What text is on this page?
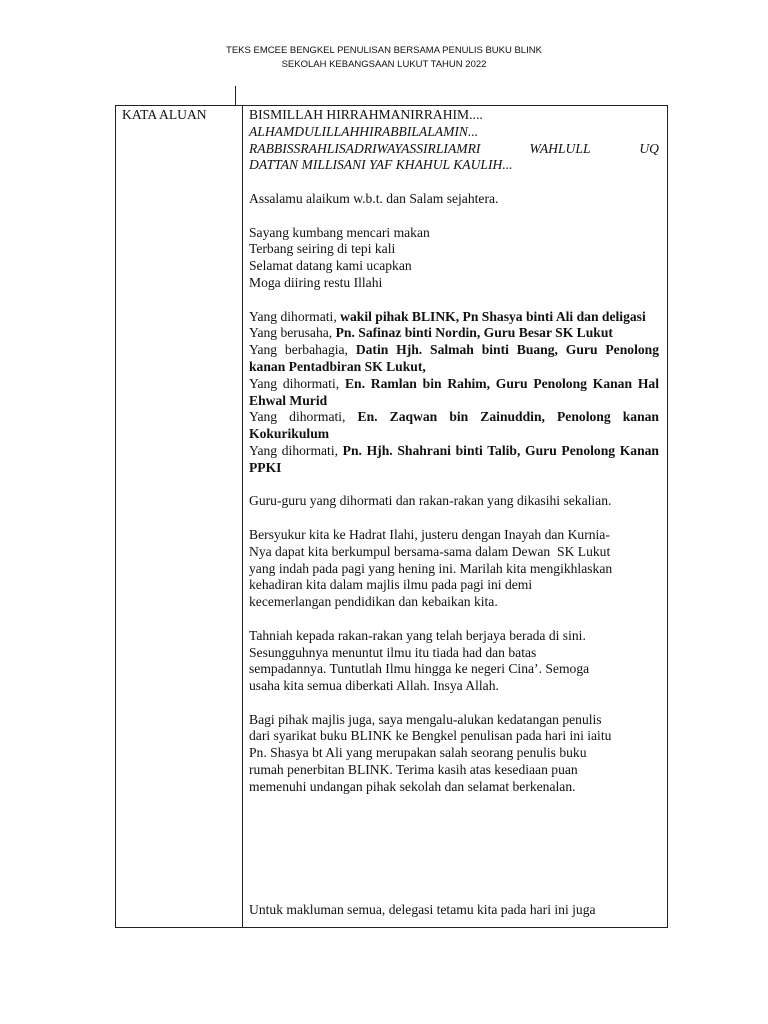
TEKS EMCEE BENGKEL PENULISAN BERSAMA PENULIS BUKU BLINK
SEKOLAH KEBANGSAAN LUKUT TAHUN 2022
KATA ALUAN	BISMILLAH HIRRAHMANIRRAHIM....
ALHAMDULILLAHHIRABBILALAMIN...
RABBISSRAHLISADRIWAYASSIRLIAMRI     WAHLULL     UQ
DATTAN MILLISANI YAF KHAHUL KAULIH...
Assalamu alaikum w.b.t. dan Salam sejahtera.
Sayang kumbang mencari makan
Terbang seiring di tepi kali
Selamat datang kami ucapkan
Moga diiring restu Illahi
Yang dihormati, wakil pihak BLINK, Pn Shasya binti Ali dan deligasi
Yang berusaha, Pn. Safinaz binti Nordin, Guru Besar SK Lukut
Yang berbahagia, Datin Hjh. Salmah binti Buang, Guru Penolong kanan Pentadbiran SK Lukut,
Yang dihormati, En. Ramlan bin Rahim, Guru Penolong Kanan Hal Ehwal Murid
Yang dihormati, En. Zaqwan bin Zainuddin, Penolong kanan Kokurikulum
Yang dihormati, Pn. Hjh. Shahrani binti Talib, Guru Penolong Kanan PPKI
Guru-guru yang dihormati dan rakan-rakan yang dikasihi sekalian.
Bersyukur kita ke Hadrat Ilahi, justeru dengan Inayah dan Kurnia-
Nya dapat kita berkumpul bersama-sama dalam Dewan  SK Lukut
yang indah pada pagi yang hening ini. Marilah kita mengikhlaskan
kehadiran kita dalam majlis ilmu pada pagi ini demi
kecemerlangan pendidikan dan kebaikan kita.
Tahniah kepada rakan-rakan yang telah berjaya berada di sini.
Sesungguhnya menuntut ilmu itu tiada had dan batas
sempadannya. Tuntutlah Ilmu hingga ke negeri Cina’. Semoga
usaha kita semua diberkati Allah. Insya Allah.
Bagi pihak majlis juga, saya mengalu-alukan kedatangan penulis
dari syarikat buku BLINK ke Bengkel penulisan pada hari ini iaitu
Pn. Shasya bt Ali yang merupakan salah seorang penulis buku
rumah penerbitan BLINK. Terima kasih atas kesediaan puan
memenuhi undangan pihak sekolah dan selamat berkenalan.
Untuk makluman semua, delegasi tetamu kita pada hari ini juga
